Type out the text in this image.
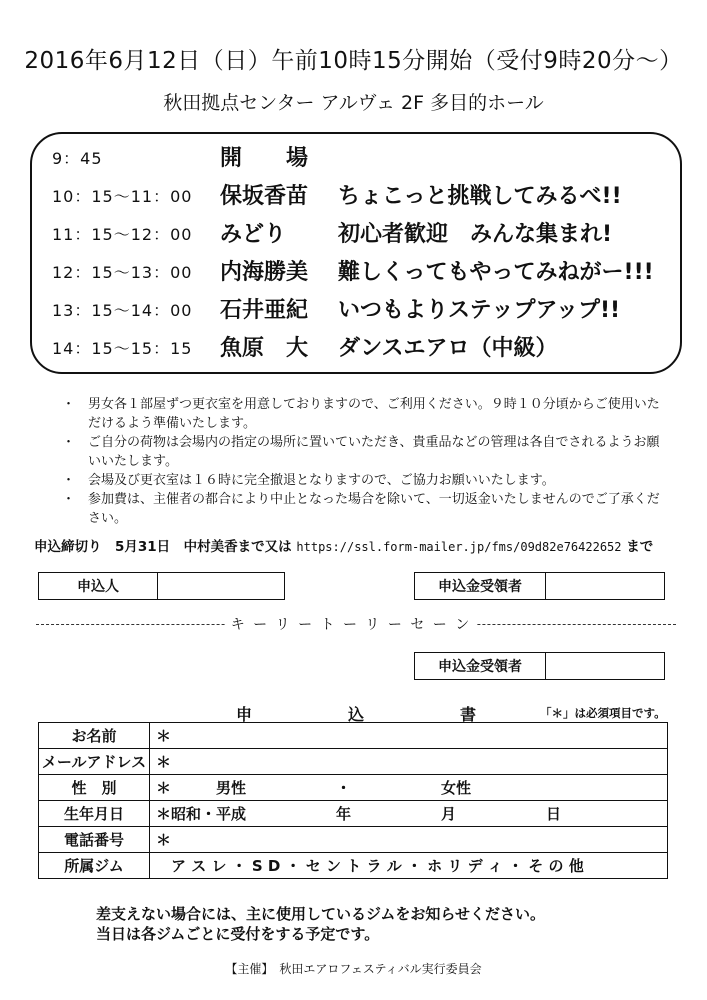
2016年6月12日（日）午前10時15分開始（受付9時20分～）
秋田拠点センター アルヴェ 2F 多目的ホール
9：45	開　　場
10：15～11：00	保坂香苗	ちょこっと挑戦してみるべ!!
11：15～12：00	みどり	初心者歓迎　みんな集まれ!
12：15～13：00	内海勝美	難しくってもやってみねがー!!!
13：15～14：00	石井亜紀	いつもよりステップアップ!!
14：15～15：15	魚原　大	ダンスエアロ（中級）
・ 男女各１部屋ずつ更衣室を用意しておりますので、ご利用ください。９時１０分頃からご使用いただけるよう準備いたします。
・ ご自分の荷物は会場内の指定の場所に置いていただき、貴重品などの管理は各自でされるようお願いいたします。
・ 会場及び更衣室は１６時に完全撤退となりますので、ご協力お願いいたします。
・ 参加費は、主催者の都合により中止となった場合を除いて、一切返金いたしませんのでご了承ください。
申込締切り　5月31日　中村美香まで又は https://ssl.form-mailer.jp/fms/09d82e76422652 まで
申込人		申込金受領者	
キ ー リ ー ト ー リ ー セ ー ン
申込金受領者	
申	込	書	「＊」は必須項目です。
お名前	＊
メールアドレス	＊
性　別	＊　　　男性　　　　　　・　　　　　　女性
生年月日	＊昭和・平成　　　　　　年　　　　　　月　　　　　　日
電話番号	＊
所属ジム	　ア ス レ ・ S D ・ セ ン ト ラ ル ・ ホ リ デ ィ ・ そ の 他
差支えない場合には、主に使用しているジムをお知らせください。
当日は各ジムごとに受付をする予定です。
【主催】　秋田エアロフェスティバル実行委員会
